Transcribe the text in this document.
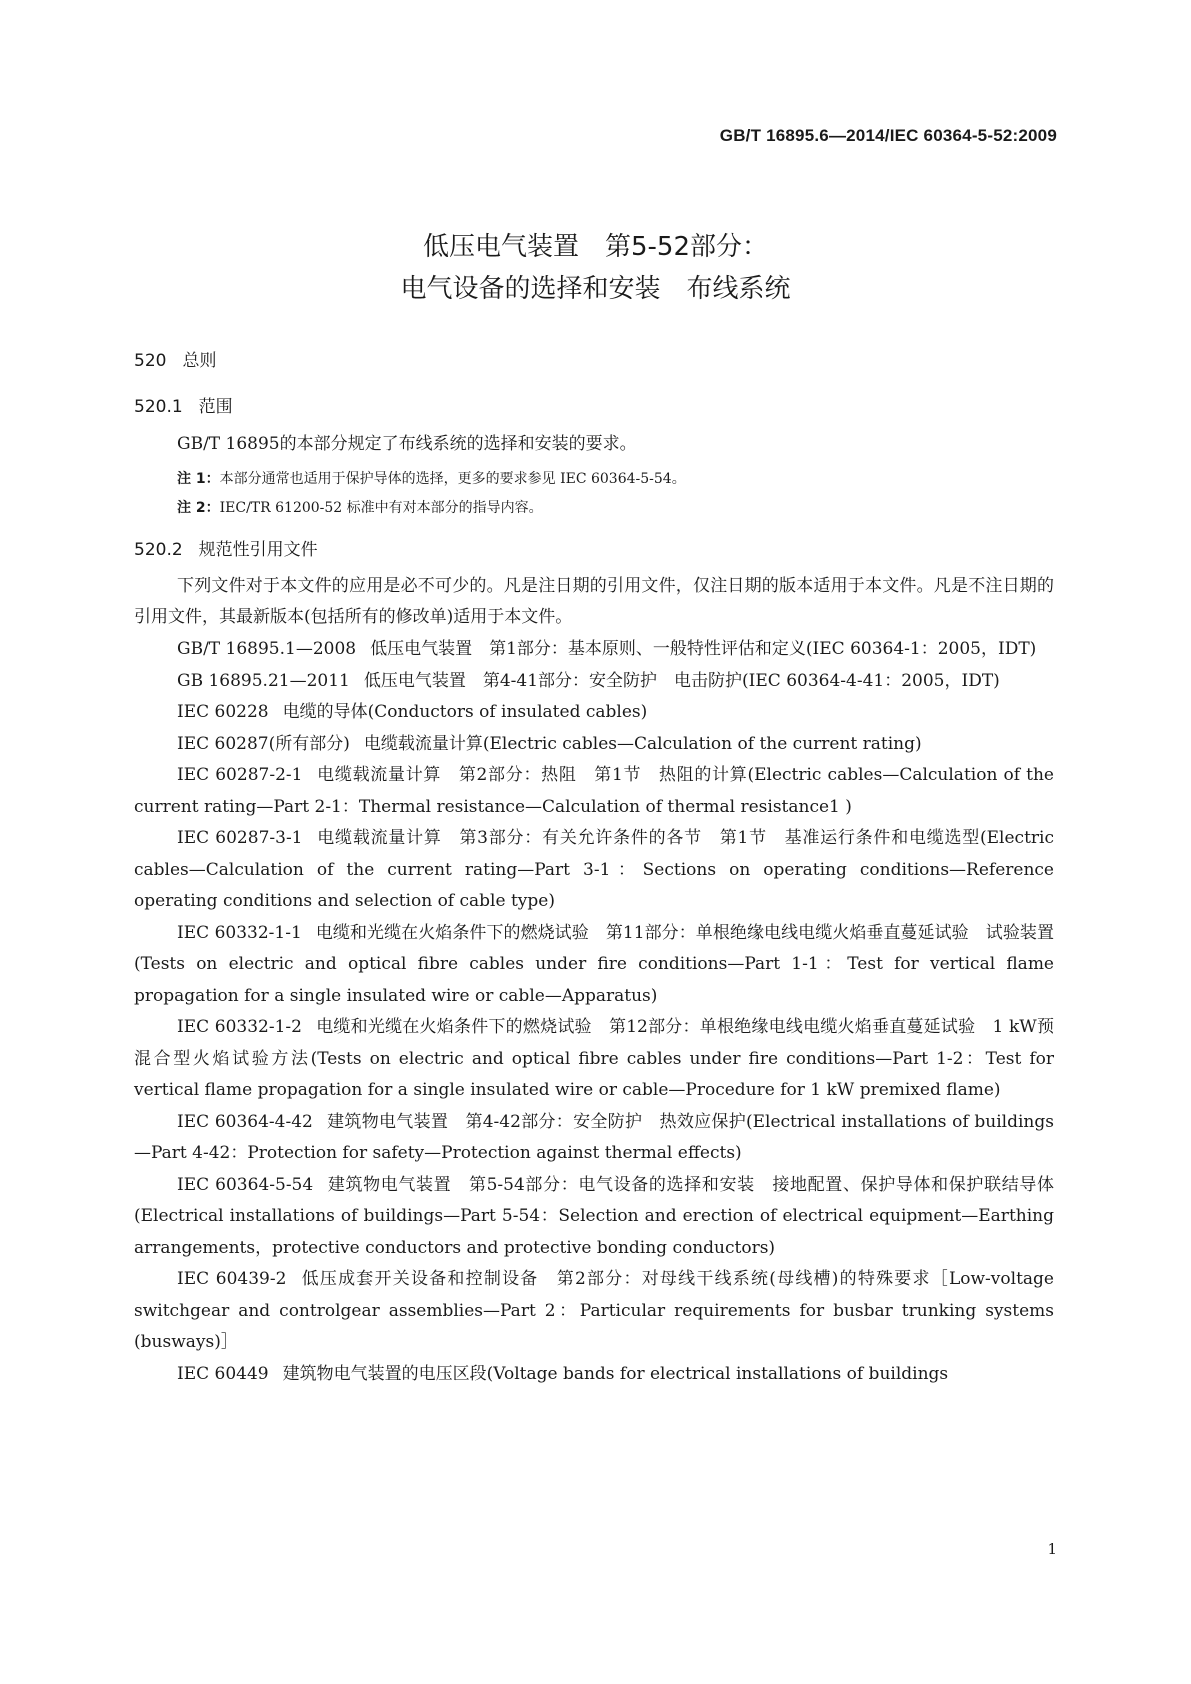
GB/T 16895.6—2014/IEC 60364-5-52:2009
低压电气装置　第5-52部分：
电气设备的选择和安装　布线系统
520 总则
520.1 范围
GB/T 16895的本部分规定了布线系统的选择和安装的要求。
注 1：本部分通常也适用于保护导体的选择，更多的要求参见 IEC 60364-5-54。
注 2：IEC/TR 61200-52 标准中有对本部分的指导内容。
520.2 规范性引用文件
下列文件对于本文件的应用是必不可少的。凡是注日期的引用文件，仅注日期的版本适用于本文件。凡是不注日期的引用文件，其最新版本(包括所有的修改单)适用于本文件。

GB/T 16895.1—2008 低压电气装置　第1部分：基本原则、一般特性评估和定义(IEC 60364-1：2005，IDT)

GB 16895.21—2011 低压电气装置　第4-41部分：安全防护　电击防护(IEC 60364-4-41：2005，IDT)

IEC 60228 电缆的导体(Conductors of insulated cables)

IEC 60287(所有部分) 电缆载流量计算(Electric cables—Calculation of the current rating)

IEC 60287-2-1 电缆载流量计算　第2部分：热阻　第1节　热阻的计算(Electric cables—Calculation of the current rating—Part 2-1：Thermal resistance—Calculation of thermal resistance1 )

IEC 60287-3-1 电缆载流量计算　第3部分：有关允许条件的各节　第1节　基准运行条件和电缆选型(Electric cables—Calculation of the current rating—Part 3-1：Sections on operating conditions—Reference operating conditions and selection of cable type)

IEC 60332-1-1 电缆和光缆在火焰条件下的燃烧试验　第11部分：单根绝缘电线电缆火焰垂直蔓延试验　试验装置(Tests on electric and optical fibre cables under fire conditions—Part 1-1：Test for vertical flame propagation for a single insulated wire or cable—Apparatus)

IEC 60332-1-2 电缆和光缆在火焰条件下的燃烧试验　第12部分：单根绝缘电线电缆火焰垂直蔓延试验　1 kW预混合型火焰试验方法(Tests on electric and optical fibre cables under fire conditions—Part 1-2：Test for vertical flame propagation for a single insulated wire or cable—Procedure for 1 kW premixed flame)

IEC 60364-4-42 建筑物电气装置　第4-42部分：安全防护　热效应保护(Electrical installations of buildings—Part 4-42：Protection for safety—Protection against thermal effects)

IEC 60364-5-54 建筑物电气装置　第5-54部分：电气设备的选择和安装　接地配置、保护导体和保护联结导体(Electrical installations of buildings—Part 5-54：Selection and erection of electrical equipment—Earthing arrangements，protective conductors and protective bonding conductors)

IEC 60439-2 低压成套开关设备和控制设备　第2部分：对母线干线系统(母线槽)的特殊要求［Low-voltage switchgear and controlgear assemblies—Part 2：Particular requirements for busbar trunking systems (busways)］

IEC 60449 建筑物电气装置的电压区段(Voltage bands for electrical installations of buildings

1
